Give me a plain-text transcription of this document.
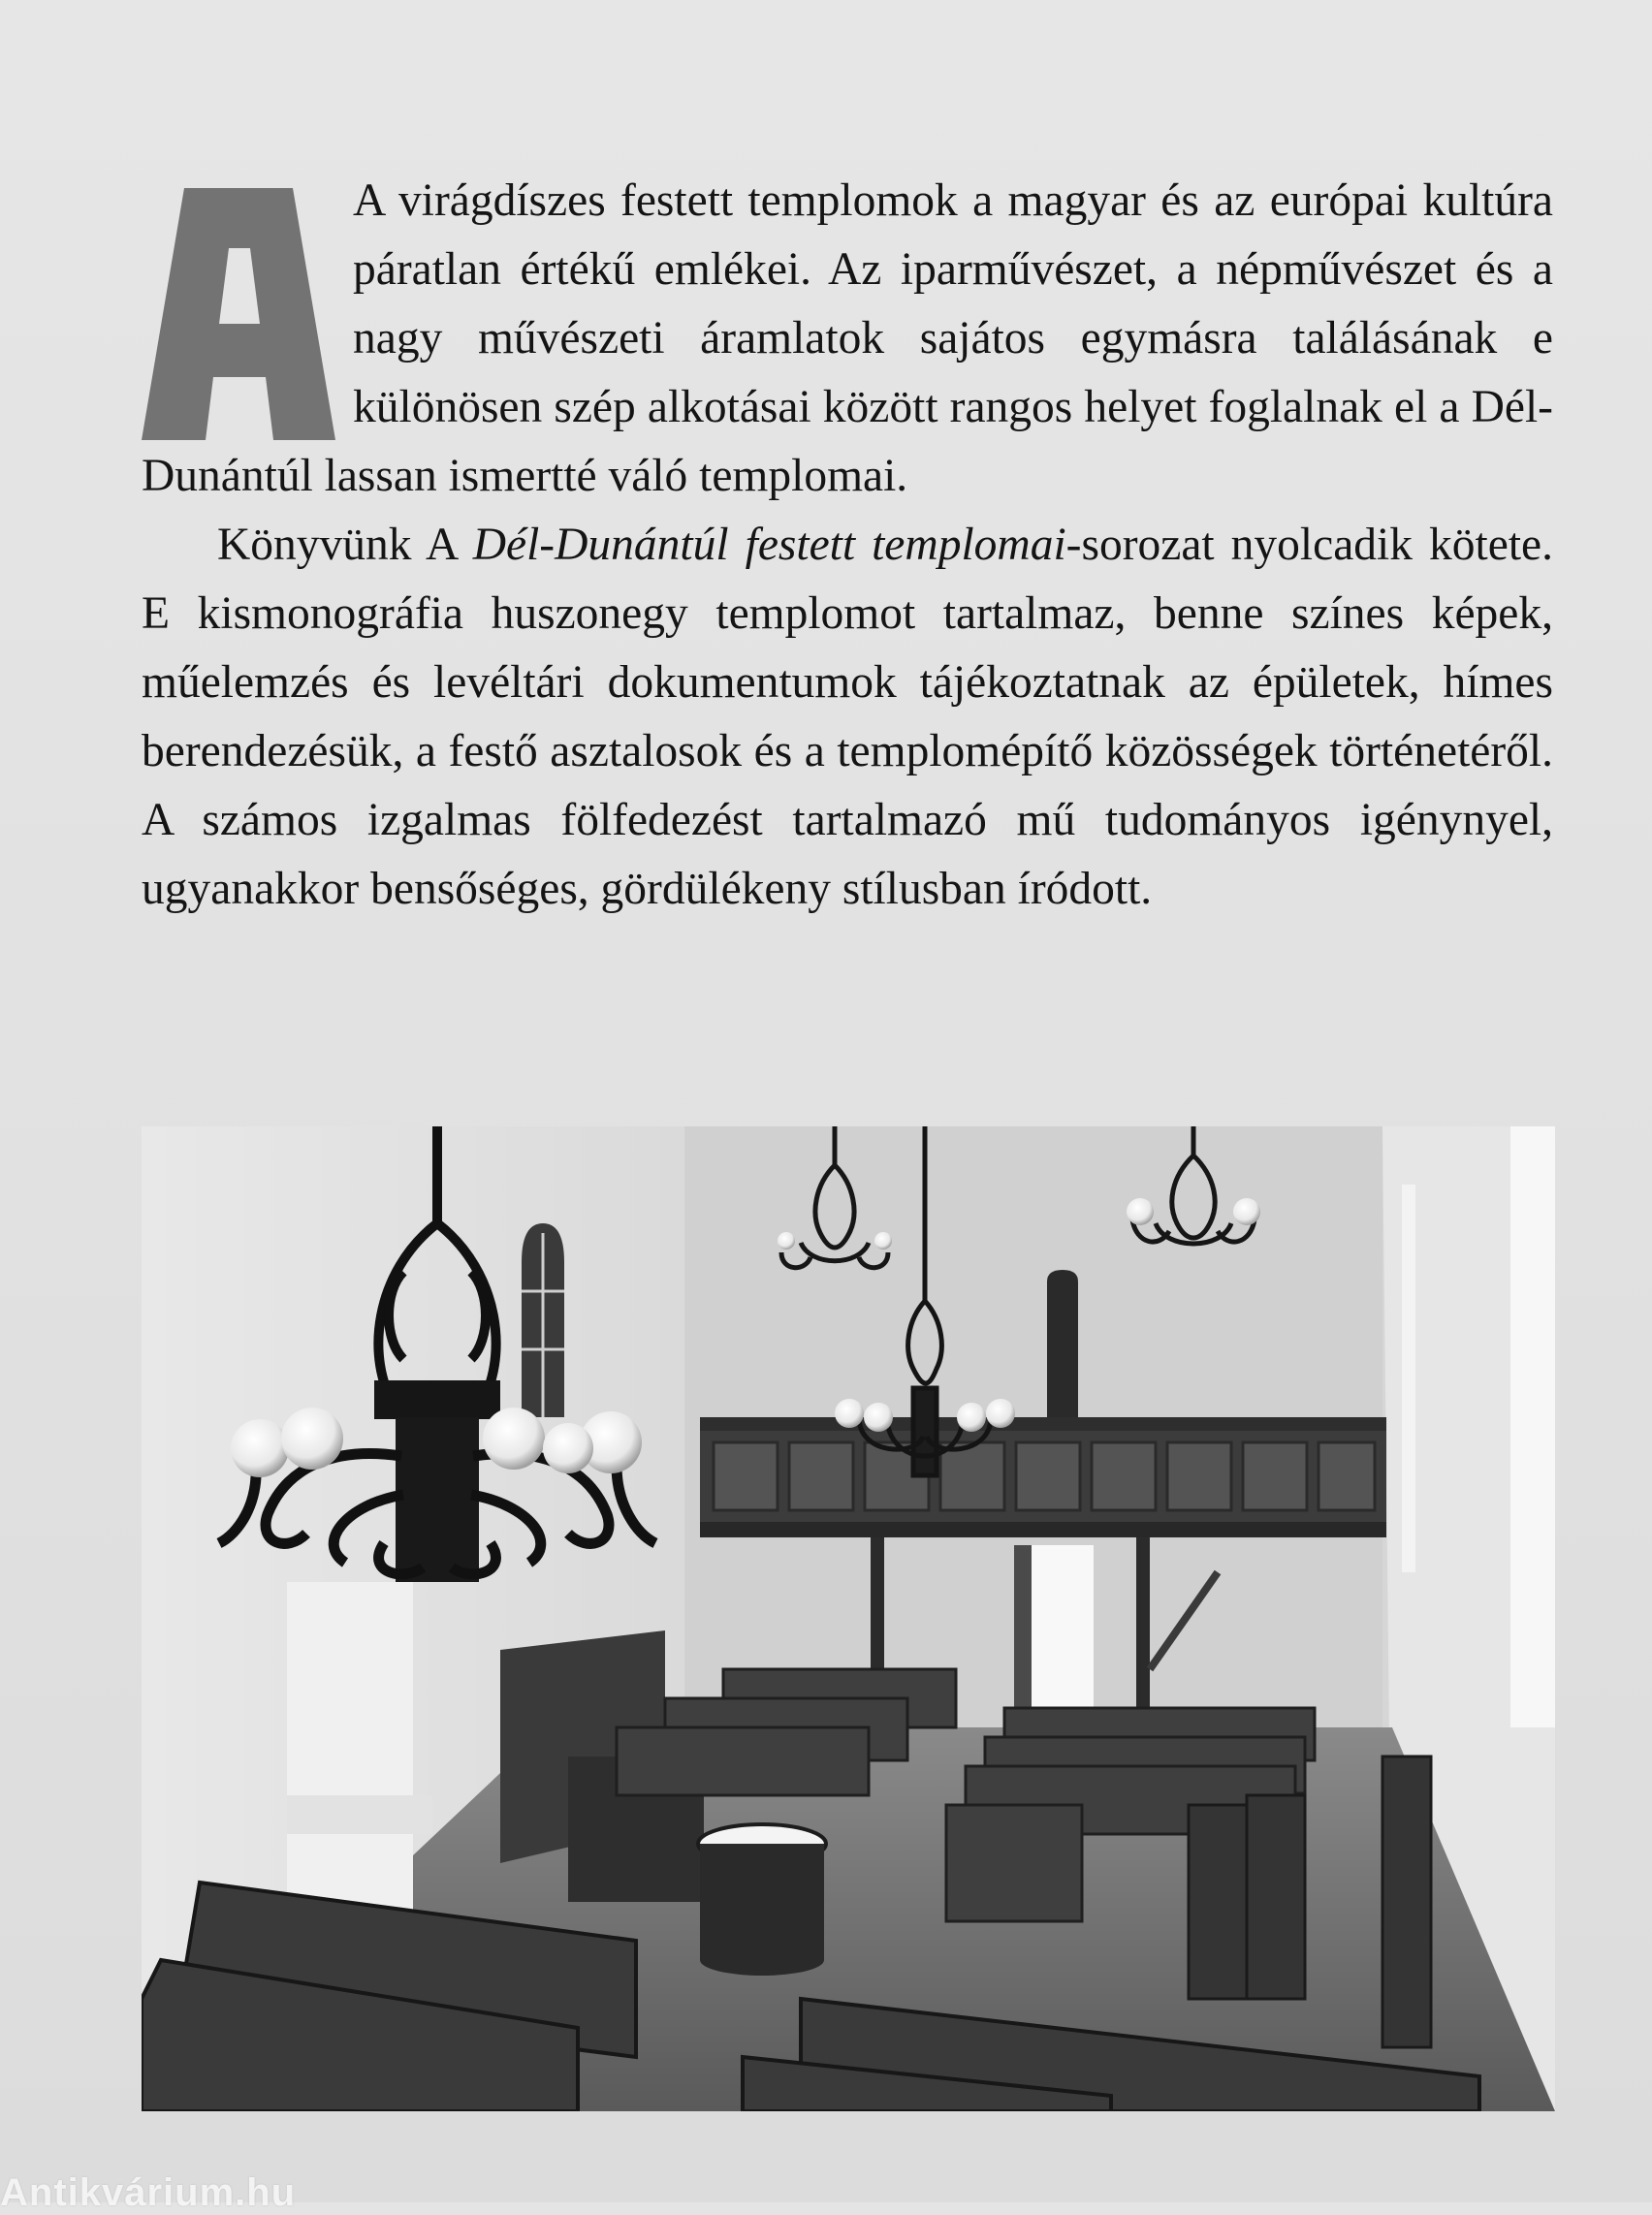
A virágdíszes festett templomok a magyar és az európai kultúra páratlan értékű emlékei. Az iparművészet, a népművészet és a nagy művészeti áramlatok sajátos egymásra találásának e különösen szép alkotásai között rangos helyet foglalnak el a Dél-Dunántúl lassan ismertté váló templomai.

Könyvünk A Dél-Dunántúl festett templomai-sorozat nyolcadik kötete. E kismonográfia huszonegy templomot tartalmaz, benne színes képek, műelemzés és levéltári dokumentumok tájékoztatnak az épületek, hímes berendezésük, a festő asztalosok és a templomépítő közösségek történetéről. A számos izgalmas fölfedezést tartalmazó mű tudományos igénynyel, ugyanakkor bensőséges, gördülékeny stílusban íródott.

Antikvárium.hu
